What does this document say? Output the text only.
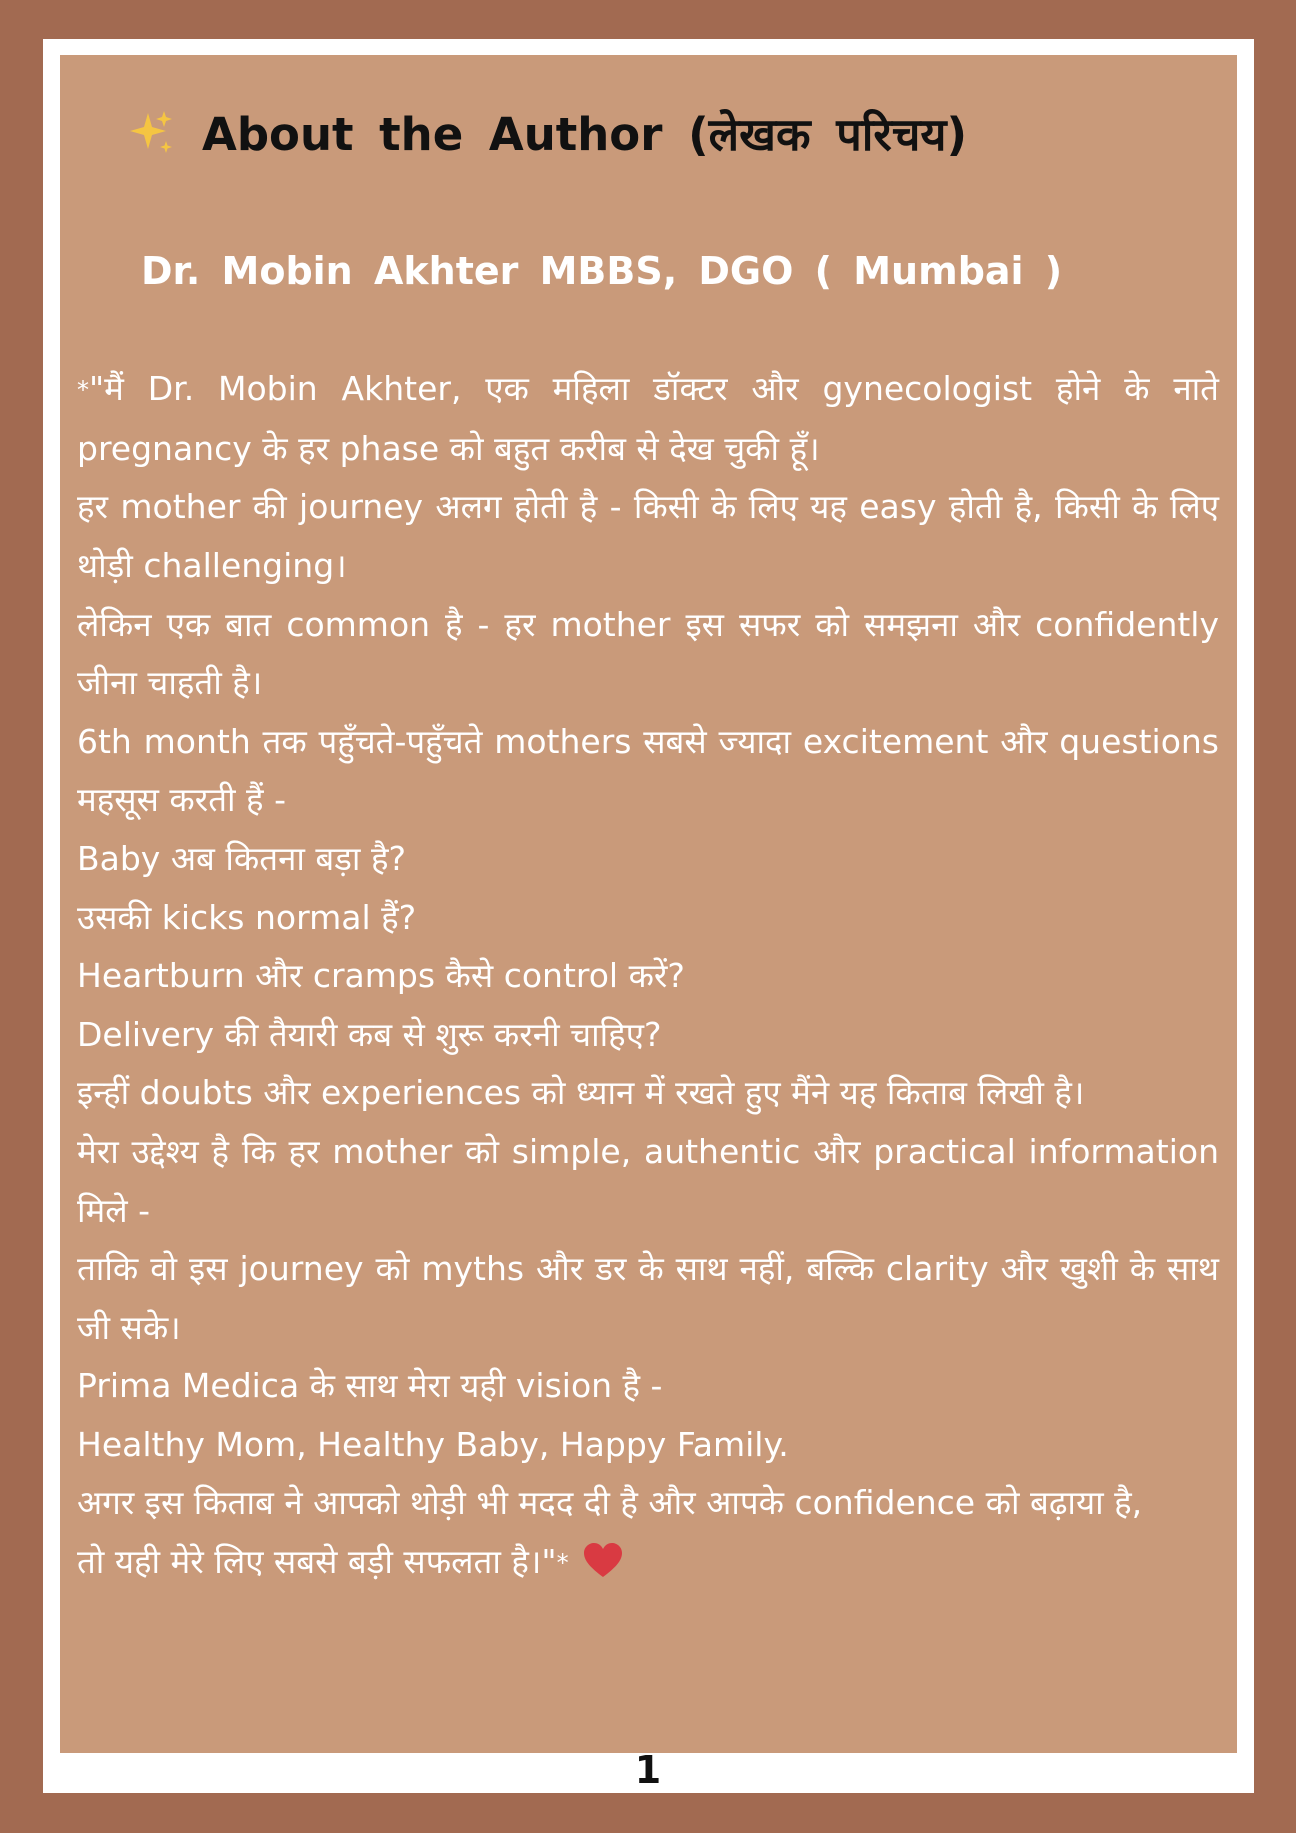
About the Author (लेखक परिचय)
Dr. Mobin Akhter MBBS, DGO ( Mumbai )
*"मैं Dr. Mobin Akhter, एक महिला डॉक्टर और gynecologist होने के नाते pregnancy के हर phase को बहुत करीब से देख चुकी हूँ।
हर mother की journey अलग होती है - किसी के लिए यह easy होती है, किसी के लिए थोड़ी challenging।
लेकिन एक बात common है - हर mother इस सफर को समझना और confidently जीना चाहती है।
6th month तक पहुँचते-पहुँचते mothers सबसे ज्यादा excitement और questions महसूस करती हैं -
Baby अब कितना बड़ा है?
उसकी kicks normal हैं?
Heartburn और cramps कैसे control करें?
Delivery की तैयारी कब से शुरू करनी चाहिए?
इन्हीं doubts और experiences को ध्यान में रखते हुए मैंने यह किताब लिखी है।
मेरा उद्देश्य है कि हर mother को simple, authentic और practical information मिले -
ताकि वो इस journey को myths और डर के साथ नहीं, बल्कि clarity और खुशी के साथ जी सके।
Prima Medica के साथ मेरा यही vision है -
Healthy Mom, Healthy Baby, Happy Family.
अगर इस किताब ने आपको थोड़ी भी मदद दी है और आपके confidence को बढ़ाया है,
तो यही मेरे लिए सबसे बड़ी सफलता है।"*
1
